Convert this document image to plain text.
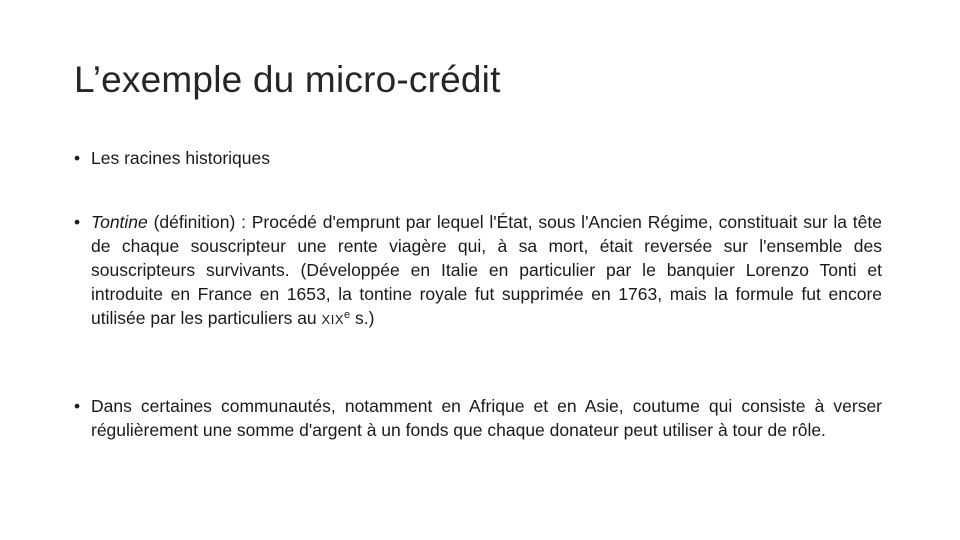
L’exemple du micro-crédit
• Les racines historiques
• Tontine (définition) : Procédé d'emprunt par lequel l'État, sous l'Ancien Régime, constituait sur la tête de chaque souscripteur une rente viagère qui, à sa mort, était reversée sur l'ensemble des souscripteurs survivants. (Développée en Italie en particulier par le banquier Lorenzo Tonti et introduite en France en 1653, la tontine royale fut supprimée en 1763, mais la formule fut encore utilisée par les particuliers au XIXe s.)
• Dans certaines communautés, notamment en Afrique et en Asie, coutume qui consiste à verser régulièrement une somme d'argent à un fonds que chaque donateur peut utiliser à tour de rôle.
